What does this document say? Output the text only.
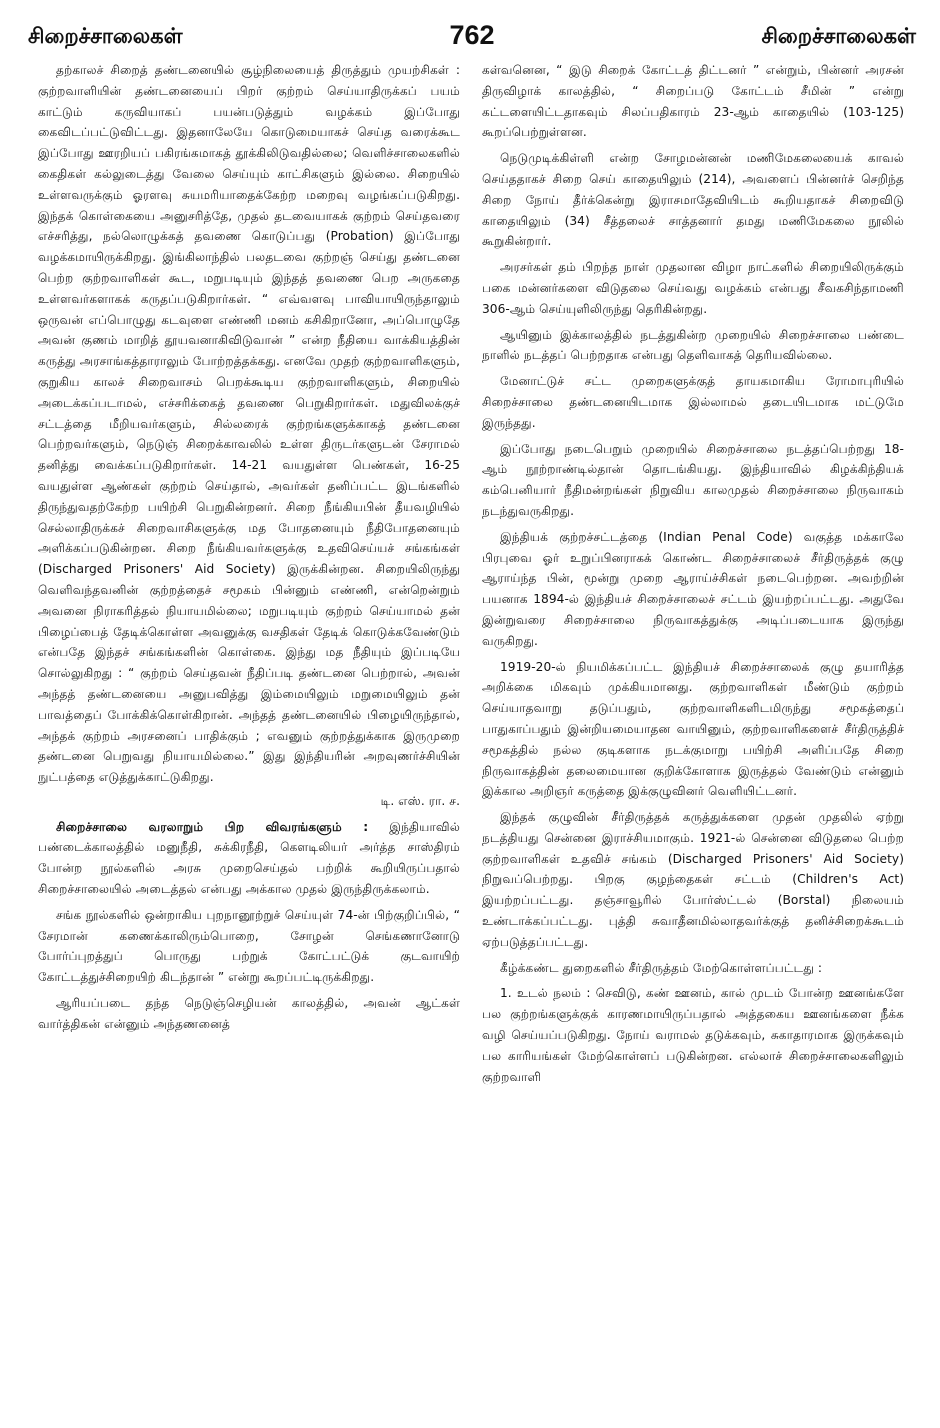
சிறைச்சாலைகள்	762	சிறைச்சாலைகள்

தற்காலச் சிறைத் தண்டனையில் சூழ்நிலையைத் திருத்தும் முயற்சிகள் : குற்றவாளியின் தண்டனையைப் பிறர் குற்றம் செய்யாதிருக்கப் பயம் காட்டும் கருவியாகப் பயன்படுத்தும் வழக்கம் இப்போது கைவிடப்பட்டுவிட்டது. இதனாலேயே கொடுமையாகச் செய்த வரைக்கூட இப்போது ஊரறியப் பகிரங்கமாகத் தூக்கிலிடுவதில்லை; வெளிச்சாலைகளில் கைதிகள் கல்லுடைத்து வேலை செய்யும் காட்சிகளும் இல்லை. சிறையில் உள்ளவருக்கும் ஓரளவு சுயமரியாதைக்கேற்ற மறைவு வழங்கப்படுகிறது. இந்தக் கொள்கையை அனுசரித்தே, முதல் தடவையாகக் குற்றம் செய்தவரை எச்சரித்து, நல்லொழுக்கத் தவணை கொடுப்பது (Probation) இப்போது வழக்கமாயிருக்கிறது. இங்கிலாந்தில் பலதடவை குற்றஞ் செய்து தண்டனை பெற்ற குற்றவாளிகள் கூட, மறுபடியும் இந்தத் தவணை பெற அருகதை உள்ளவர்களாகக் கருதப்படுகிறார்கள். “ எவ்வளவு பாவியாயிருந்தாலும் ஒருவன் எப்பொழுது கடவுளை எண்ணி மனம் கசிகிறானோ, அப்பொழுதே அவன் குணம் மாறித் தூயவனாகிவிடுவான் ” என்ற நீதியை வாக்கியத்தின் கருத்து அரசாங்கத்தாராலும் போற்றத்தக்கது. எனவே முதற் குற்றவாளிகளும், குறுகிய காலச் சிறைவாசம் பெறக்கூடிய குற்றவாளிகளும், சிறையில் அடைக்கப்படாமல், எச்சரிக்கைத் தவணை பெறுகிறார்கள். மதுவிலக்குச் சட்டத்தை மீறியவர்களும், சில்லரைக் குற்றங்களுக்காகத் தண்டனை பெற்றவர்களும், நெடுஞ் சிறைக்காவலில் உள்ள திருடர்களுடன் சேராமல் தனித்து வைக்கப்படுகிறார்கள். 14-21 வயதுள்ள பெண்கள், 16-25 வயதுள்ள ஆண்கள் குற்றம் செய்தால், அவர்கள் தனிப்பட்ட இடங்களில் திருந்துவதற்கேற்ற பயிற்சி பெறுகின்றனர். சிறை நீங்கியபின் தீயவழியில் செல்லாதிருக்கச் சிறைவாசிகளுக்கு மத போதனையும் நீதிபோதனையும் அளிக்கப்படுகின்றன. சிறை நீங்கியவர்களுக்கு உதவிசெய்யச் சங்கங்கள் (Discharged Prisoners' Aid Society) இருக்கின்றன. சிறையிலிருந்து வெளிவந்தவனின் குற்றத்தைச் சமூகம் பின்னும் எண்ணி, என்றென்றும் அவனை நிராகரித்தல் நியாயமில்லை; மறுபடியும் குற்றம் செய்யாமல் தன் பிழைப்பைத் தேடிக்கொள்ள அவனுக்கு வசதிகள் தேடிக் கொடுக்கவேண்டும் என்பதே இந்தச் சங்கங்களின் கொள்கை. இந்து மத நீதியும் இப்படியே சொல்லுகிறது : “ குற்றம் செய்தவன் நீதிப்படி தண்டனை பெற்றால், அவன் அந்தத் தண்டனையை அனுபவித்து இம்மையிலும் மறுமையிலும் தன் பாவத்தைப் போக்கிக்கொள்கிறான். அந்தத் தண்டனையில் பிழையிருந்தால், அந்தக் குற்றம் அரசனைப் பாதிக்கும் ; எவனும் குற்றத்துக்காக இருமுறை தண்டனை பெறுவது நியாயமில்லை.” இது இந்தியரின் அறவுணர்ச்சியின் நுட்பத்தை எடுத்துக்காட்டுகிறது.

டி. எஸ். ரா. ச.

சிறைச்சாலை வரலாறும் பிற விவரங்களும் : இந்தியாவில் பண்டைக்காலத்தில் மனுநீதி, சுக்கிரநீதி, கௌடிலியர் அர்த்த சாஸ்திரம் போன்ற நூல்களில் அரசு முறைசெய்தல் பற்றிக் கூறியிருப்பதால் சிறைச்சாலையில் அடைத்தல் என்பது அக்கால முதல் இருந்திருக்கலாம்.

சங்க நூல்களில் ஒன்றாகிய புறநானூற்றுச் செய்யுள் 74-ன் பிற்குறிப்பில், “ சேரமான் கணைக்காலிரும்பொறை, சோழன் செங்கணானோடு போர்ப்புறத்துப் பொருது பற்றுக் கோட்பட்டுக் குடவாயிற் கோட்டத்துச்சிறையிற் கிடந்தான் ” என்று கூறப்பட்டிருக்கிறது.

ஆரியப்படை தந்த நெடுஞ்செழியன் காலத்தில், அவன் ஆட்கள் வார்த்திகன் என்னும் அந்தணனைத்

கள்வனென, “ இடு சிறைக் கோட்டத் திட்டனர் ” என்றும், பின்னர் அரசன் திருவிழாக் காலத்தில், “ சிறைப்படு கோட்டம் சீமின் ” என்று கட்டளையிட்டதாகவும் சிலப்பதிகாரம் 23-ஆம் காதையில் (103-125) கூறப்பெற்றுள்ளன.

நெடுமுடிக்கிள்ளி என்ற சோழமன்னன் மணிமேகலையைக் காவல் செய்ததாகச் சிறை செய் காதையிலும் (214), அவளைப் பின்னர்ச் செறிந்த சிறை நோய் தீர்க்கென்று இராசமாதேவியிடம் கூறியதாகச் சிறைவிடு காதையிலும் (34) சீத்தலைச் சாத்தனார் தமது மணிமேகலை நூலில் கூறுகின்றார்.

அரசர்கள் தம் பிறந்த நாள் முதலான விழா நாட்களில் சிறையிலிருக்கும் பகை மன்னர்களை விடுதலை செய்வது வழக்கம் என்பது சீவகசிந்தாமணி 306-ஆம் செய்யுளிலிருந்து தெரிகின்றது.

ஆயினும் இக்காலத்தில் நடத்துகின்ற முறையில் சிறைச்சாலை பண்டை நாளில் நடத்தப் பெற்றதாக என்பது தெளிவாகத் தெரியவில்லை.

மேனாட்டுச் சட்ட முறைகளுக்குத் தாயகமாகிய ரோமாபுரியில் சிறைச்சாலை தண்டனையிடமாக இல்லாமல் தடையிடமாக மட்டுமே இருந்தது.

இப்போது நடைபெறும் முறையில் சிறைச்சாலை நடத்தப்பெற்றது 18-ஆம் நூற்றாண்டில்தான் தொடங்கியது. இந்தியாவில் கிழக்கிந்தியக் கம்பெனியார் நீதிமன்றங்கள் நிறுவிய காலமுதல் சிறைச்சாலை நிருவாகம் நடந்துவருகிறது.

இந்தியக் குற்றச்சட்டத்தை (Indian Penal Code) வகுத்த மக்காலே பிரபுவை ஓர் உறுப்பினராகக் கொண்ட சிறைச்சாலைச் சீர்திருத்தக் குழு ஆராய்ந்த பின், மூன்று முறை ஆராய்ச்சிகள் நடைபெற்றன. அவற்றின் பயனாக 1894-ல் இந்தியச் சிறைச்சாலைச் சட்டம் இயற்றப்பட்டது. அதுவே இன்றுவரை சிறைச்சாலை நிருவாகத்துக்கு அடிப்படையாக இருந்து வருகிறது.

1919-20-ல் நியமிக்கப்பட்ட இந்தியச் சிறைச்சாலைக் குழு தயாரித்த அறிக்கை மிகவும் முக்கியமானது. குற்றவாளிகள் மீண்டும் குற்றம் செய்யாதவாறு தடுப்பதும், குற்றவாளிகளிடமிருந்து சமூகத்தைப் பாதுகாப்பதும் இன்றியமையாதன வாயினும், குற்றவாளிகளைச் சீர்திருத்திச் சமூகத்தில் நல்ல குடிகளாக நடக்குமாறு பயிற்சி அளிப்பதே சிறை நிருவாகத்தின் தலைமையான குறிக்கோளாக இருத்தல் வேண்டும் என்னும் இக்கால அறிஞர் கருத்தை இக்குழுவினர் வெளியிட்டனர்.

இந்தக் குழுவின் சீர்திருத்தக் கருத்துக்களை முதன் முதலில் ஏற்று நடத்தியது சென்னை இராச்சியமாகும். 1921-ல் சென்னை விடுதலை பெற்ற குற்றவாளிகள் உதவிச் சங்கம் (Discharged Prisoners' Aid Society) நிறுவப்பெற்றது. பிறகு குழந்தைகள் சட்டம் (Children's Act) இயற்றப்பட்டது. தஞ்சாவூரில் போர்ஸ்ட்டல் (Borstal) நிலையம் உண்டாக்கப்பட்டது. புத்தி சுவாதீனமில்லாதவர்க்குத் தனிச்சிறைக்கூடம் ஏற்படுத்தப்பட்டது.

கீழ்க்கண்ட துறைகளில் சீர்திருத்தம் மேற்கொள்ளப்பட்டது :

1. உடல் நலம் : செவிடு, கண் ஊனம், கால் முடம் போன்ற ஊனங்களே பல குற்றங்களுக்குக் காரணமாயிருப்பதால் அத்தகைய ஊனங்களை நீக்க வழி செய்யப்படுகிறது. நோய் வராமல் தடுக்கவும், சுகாதாரமாக இருக்கவும் பல காரியங்கள் மேற்கொள்ளப் படுகின்றன. எல்லாச் சிறைச்சாலைகளிலும் குற்றவாளி
